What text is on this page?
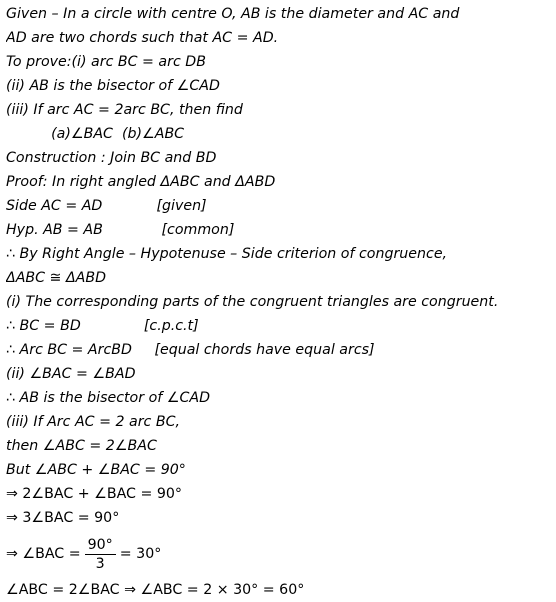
Given – In a circle with centre O, AB is the diameter and AC and
AD are two chords such that AC = AD.
To prove:(i) arc BC = arc DB
(ii) AB is the bisector of ∠CAD
(iii) If arc AC = 2arc BC, then find
(a)∠BAC  (b)∠ABC
Construction : Join BC and BD
Proof: In right angled ΔABC and ΔABD
Side AC = AD            [given]
Hyp. AB = AB             [common]
∴ By Right Angle – Hypotenuse – Side criterion of congruence,
ΔABC ≅ ΔABD
(i) The corresponding parts of the congruent triangles are congruent.
∴ BC = BD              [c.p.c.t]
∴ Arc BC = ArcBD     [equal chords have equal arcs]
(ii) ∠BAC = ∠BAD
∴ AB is the bisector of ∠CAD
(iii) If Arc AC = 2 arc BC,
then ∠ABC = 2∠BAC
But ∠ABC + ∠BAC = 90°
⇒ 2∠BAC + ∠BAC = 90°
⇒ 3∠BAC = 90°
⇒ ∠BAC = $\frac{90^\circ}{3} = 30^\circ$
∠ABC = 2∠BAC ⇒ ∠ABC = 2 × 30° = 60°
